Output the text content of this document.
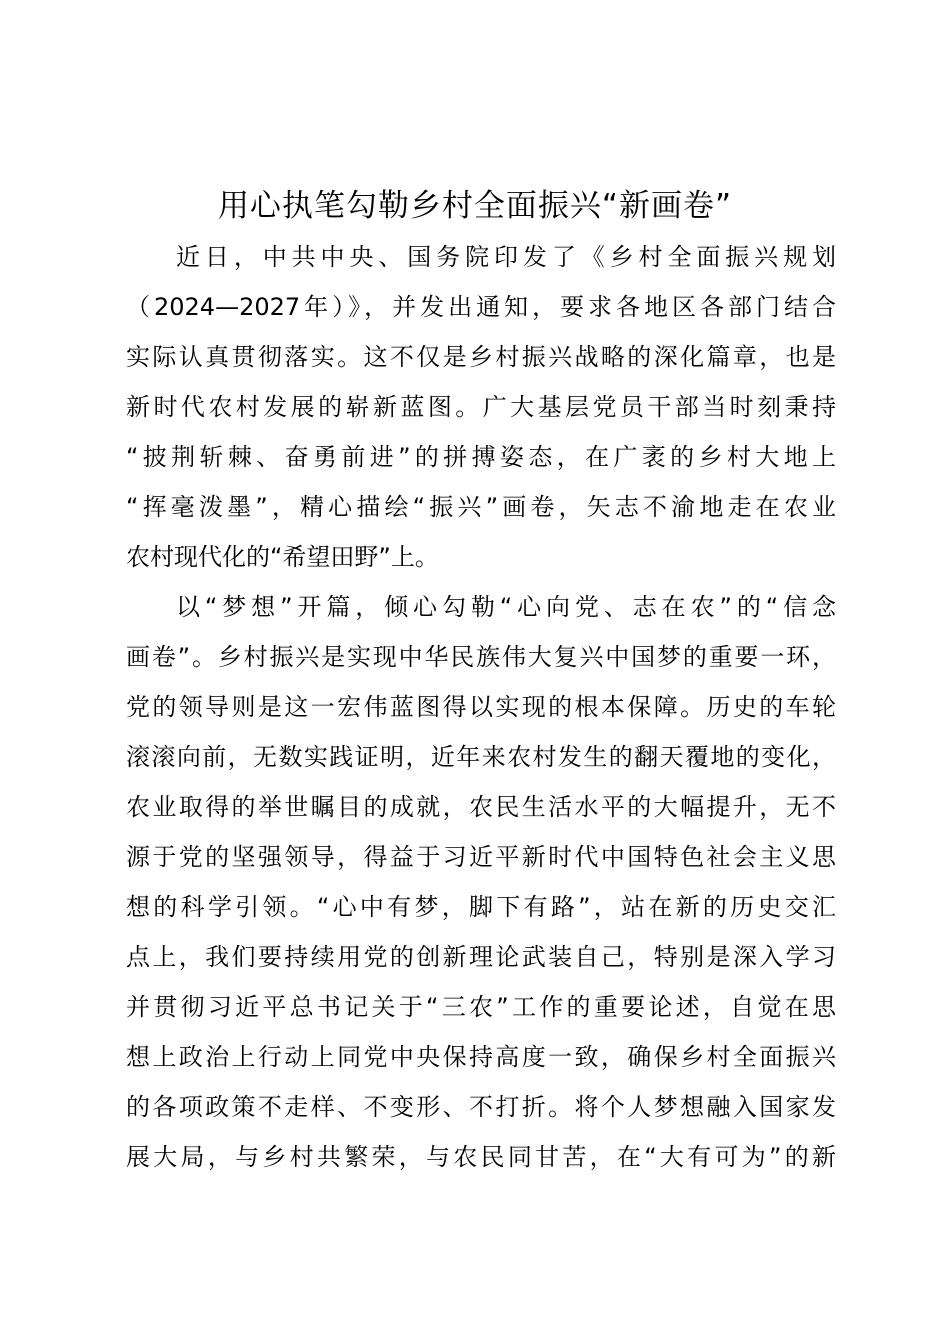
用心执笔勾勒乡村全面振兴“新画卷”

近日，中共中央、国务院印发了《乡村全面振兴规划

（2024—2027年）》，并发出通知，要求各地区各部门结合

实际认真贯彻落实。这不仅是乡村振兴战略的深化篇章，也是

新时代农村发展的崭新蓝图。广大基层党员干部当时刻秉持

“披荆斩棘、奋勇前进”的拼搏姿态，在广袤的乡村大地上

“挥毫泼墨”，精心描绘“振兴”画卷，矢志不渝地走在农业

农村现代化的“希望田野”上。

以“梦想”开篇，倾心勾勒“心向党、志在农”的“信念

画卷”。乡村振兴是实现中华民族伟大复兴中国梦的重要一环，

党的领导则是这一宏伟蓝图得以实现的根本保障。历史的车轮

滚滚向前，无数实践证明，近年来农村发生的翻天覆地的变化，

农业取得的举世瞩目的成就，农民生活水平的大幅提升，无不

源于党的坚强领导，得益于习近平新时代中国特色社会主义思

想的科学引领。“心中有梦，脚下有路”，站在新的历史交汇

点上，我们要持续用党的创新理论武装自己，特别是深入学习

并贯彻习近平总书记关于“三农”工作的重要论述，自觉在思

想上政治上行动上同党中央保持高度一致，确保乡村全面振兴

的各项政策不走样、不变形、不打折。将个人梦想融入国家发

展大局，与乡村共繁荣，与农民同甘苦，在“大有可为”的新
